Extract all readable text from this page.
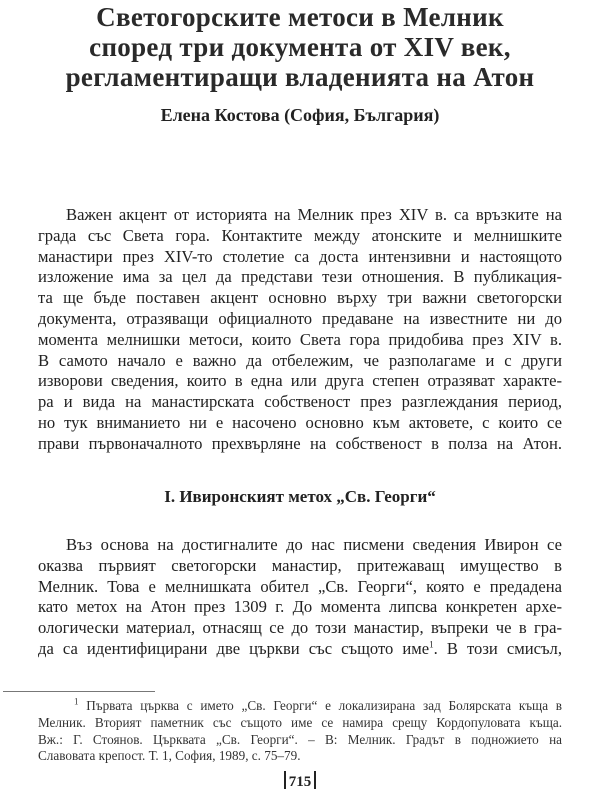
Светогорските метоси в Мелник
според три документа от XIV век,
регламентиращи владенията на Атон
Елена Костова (София, България)
Важен акцент от историята на Мелник през XIV в. са връзките на
града със Света гора. Контактите между атонските и мелнишките
манастири през XIV-то столетие са доста интензивни и настоящото
изложение има за цел да представи тези отношения. В публикация-
та ще бъде поставен акцент основно върху три важни светогорски
документа, отразяващи официалното предаване на известните ни до
момента мелнишки метоси, които Света гора придобива през XIV в.
В самото начало е важно да отбележим, че разполагаме и с други
изворови сведения, които в една или друга степен отразяват характе-
ра и вида на манастирската собственост през разглеждания период,
но тук вниманието ни е насочено основно към актовете, с които се
прави първоначалното прехвърляне на собственост в полза на Атон.
I. Ивиронският метох „Св. Георги“
Въз основа на достигналите до нас писмени сведения Ивирон се
оказва първият светогорски манастир, притежаващ имущество в
Мелник. Това е мелнишката обител „Св. Георги“, която е предадена
като метох на Атон през 1309 г. До момента липсва конкретен архе-
ологически материал, отнасящ се до този манастир, въпреки че в гра-
да са идентифицирани две църкви със същото име$^1$. В този смисъл,
$^1$ Първата църква с името „Св. Георги“ е локализирана зад Болярската къща в
Мелник. Вторият паметник със същото име се намира срещу Кордопуловата къща.
Вж.: Г. Стоянов. Църквата „Св. Георги“. – В: Мелник. Градът в подножието на
Славовата крепост. Т. 1, София, 1989, с. 75–79.
715
